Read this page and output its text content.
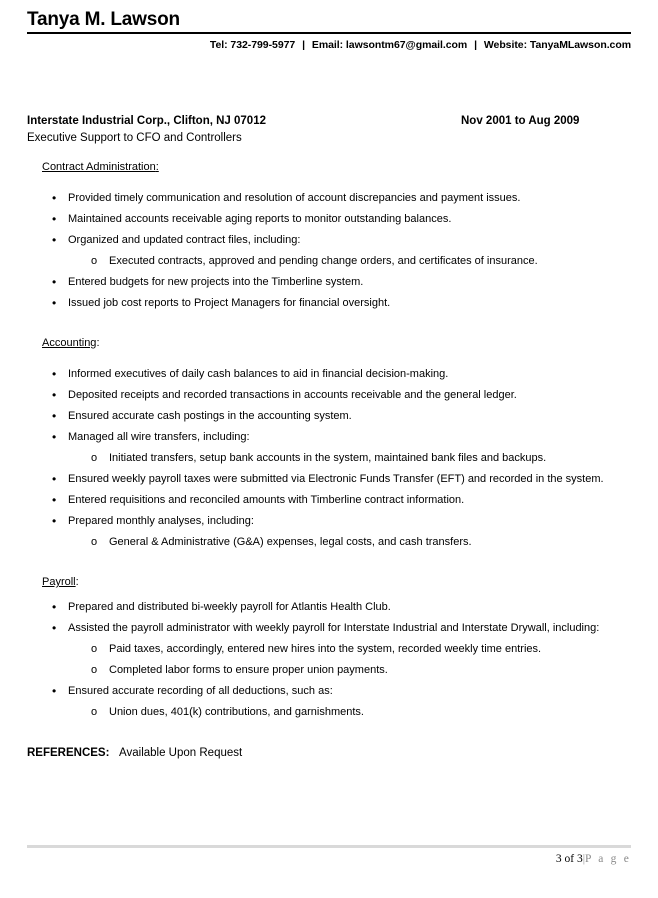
Tanya M. Lawson
Tel: 732-799-5977 | Email: lawsontm67@gmail.com | Website: TanyaMLawson.com
Interstate Industrial Corp., Clifton, NJ 07012	Nov 2001 to Aug 2009
Executive Support to CFO and Controllers
Contract Administration:
•	Provided timely communication and resolution of account discrepancies and payment issues.
•	Maintained accounts receivable aging reports to monitor outstanding balances.
•	Organized and updated contract files, including:
o	Executed contracts, approved and pending change orders, and certificates of insurance.
•	Entered budgets for new projects into the Timberline system.
•	Issued job cost reports to Project Managers for financial oversight.
Accounting:
•	Informed executives of daily cash balances to aid in financial decision-making.
•	Deposited receipts and recorded transactions in accounts receivable and the general ledger.
•	Ensured accurate cash postings in the accounting system.
•	Managed all wire transfers, including:
o	Initiated transfers, setup bank accounts in the system, maintained bank files and backups.
•	Ensured weekly payroll taxes were submitted via Electronic Funds Transfer (EFT) and recorded in the system.
•	Entered requisitions and reconciled amounts with Timberline contract information.
•	Prepared monthly analyses, including:
o	General & Administrative (G&A) expenses, legal costs, and cash transfers.
Payroll:
•	Prepared and distributed bi-weekly payroll for Atlantis Health Club.
•	Assisted the payroll administrator with weekly payroll for Interstate Industrial and Interstate Drywall, including:
o	Paid taxes, accordingly, entered new hires into the system, recorded weekly time entries.
o	Completed labor forms to ensure proper union payments.
•	Ensured accurate recording of all deductions, such as:
o	Union dues, 401(k) contributions, and garnishments.
REFERENCES:   Available Upon Request
3 of 3|P a g e
